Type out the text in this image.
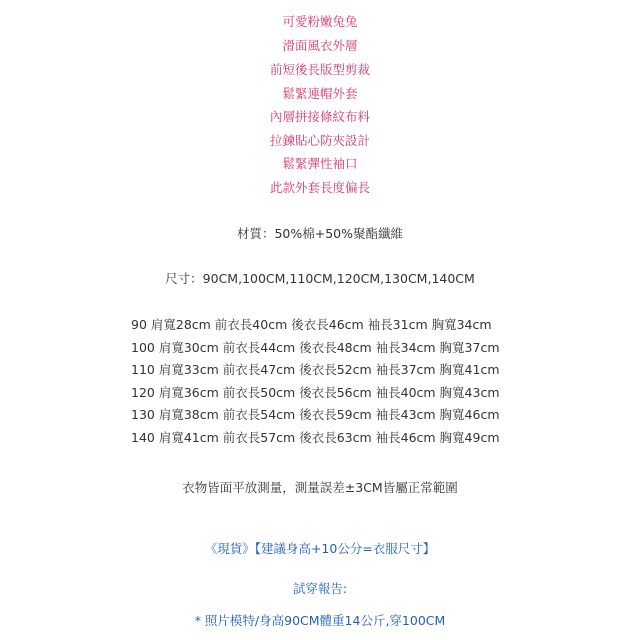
可愛粉嫩兔兔
滑面風衣外層
前短後長版型剪裁
鬆緊連帽外套
內層拼接條紋布料
拉鍊貼心防夾設計
鬆緊彈性袖口
此款外套長度偏長
材質：50%棉+50%聚酯纖維
尺寸：90CM,100CM,110CM,120CM,130CM,140CM
90 肩寬28cm 前衣長40cm 後衣長46cm 袖長31cm 胸寬34cm
100 肩寬30cm 前衣長44cm 後衣長48cm 袖長34cm 胸寬37cm
110 肩寬33cm 前衣長47cm 後衣長52cm 袖長37cm 胸寬41cm
120 肩寬36cm 前衣長50cm 後衣長56cm 袖長40cm 胸寬43cm
130 肩寬38cm 前衣長54cm 後衣長59cm 袖長43cm 胸寬46cm
140 肩寬41cm 前衣長57cm 後衣長63cm 袖長46cm 胸寬49cm
衣物皆面平放測量，測量誤差±3CM皆屬正常範圍
《現貨》【建議身高+10公分=衣服尺寸】
試穿報告:
* 照片模特/身高90CM體重14公斤,穿100CM
